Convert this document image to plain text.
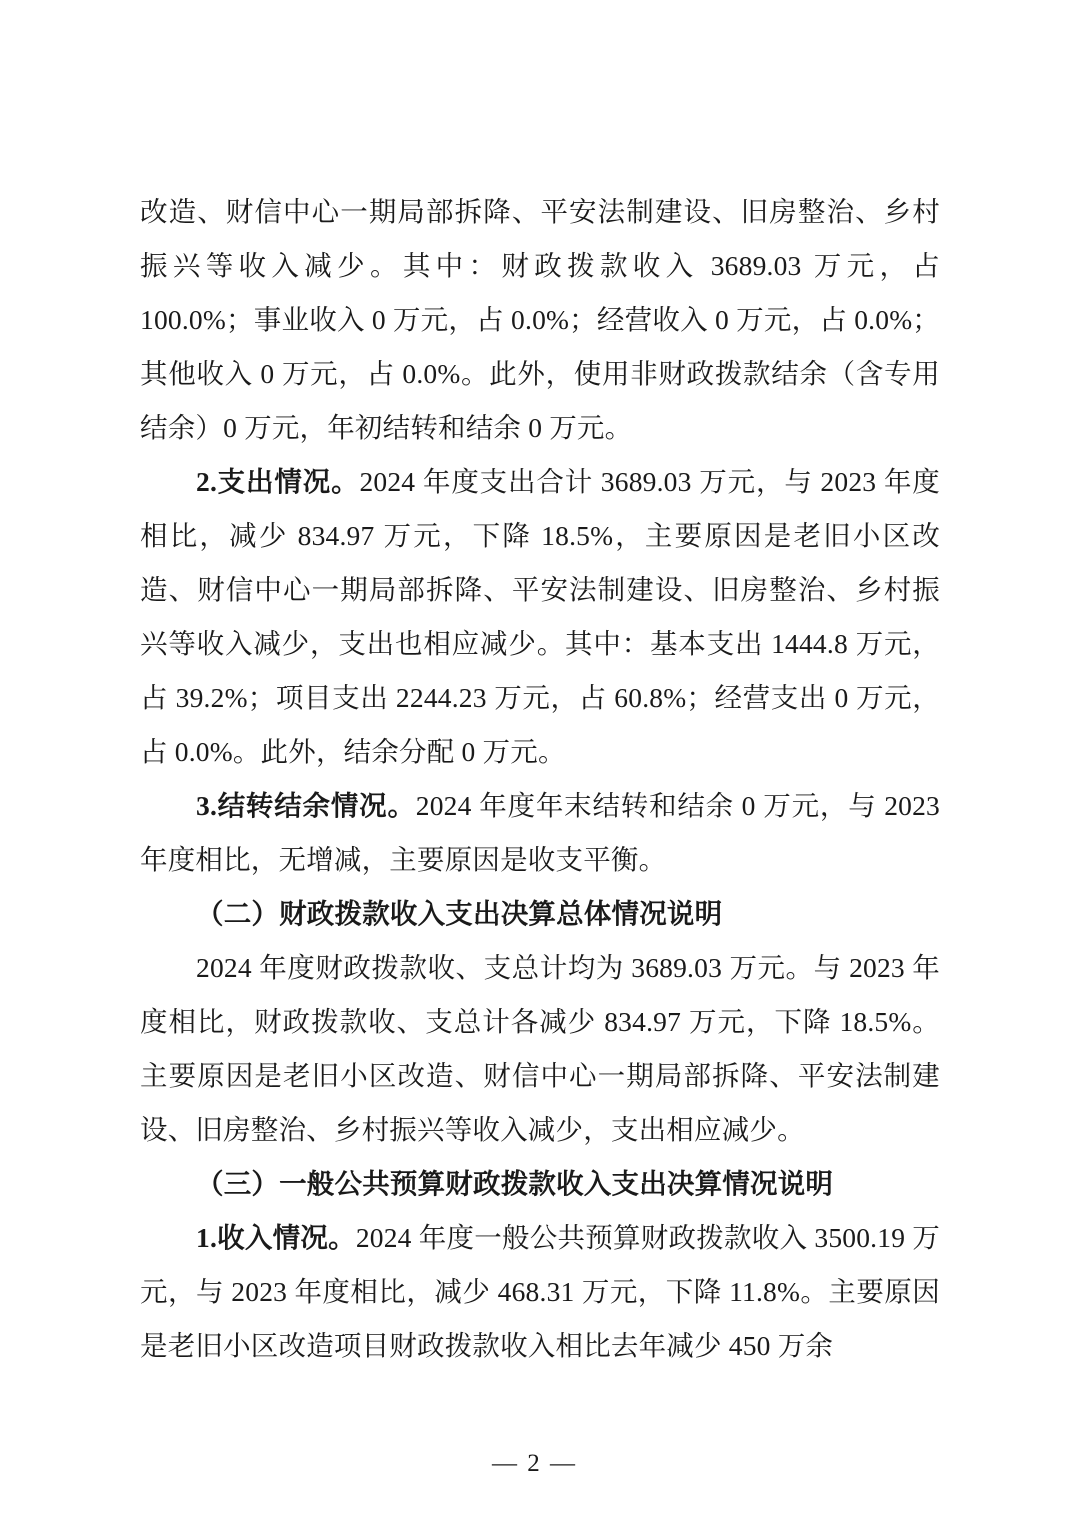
改造、财信中心一期局部拆降、平安法制建设、旧房整治、乡村振兴等收入减少。其中：财政拨款收入 3689.03 万元，占 100.0%；事业收入 0 万元，占 0.0%；经营收入 0 万元，占 0.0%；其他收入 0 万元，占 0.0%。此外，使用非财政拨款结余（含专用结余）0 万元，年初结转和结余 0 万元。

2.支出情况。2024 年度支出合计 3689.03 万元，与 2023 年度相比，减少 834.97 万元，下降 18.5%，主要原因是老旧小区改造、财信中心一期局部拆降、平安法制建设、旧房整治、乡村振兴等收入减少，支出也相应减少。其中：基本支出 1444.8 万元，占 39.2%；项目支出 2244.23 万元，占 60.8%；经营支出 0 万元，占 0.0%。此外，结余分配 0 万元。

3.结转结余情况。2024 年度年末结转和结余 0 万元，与 2023 年度相比，无增减，主要原因是收支平衡。

（二）财政拨款收入支出决算总体情况说明

2024 年度财政拨款收、支总计均为 3689.03 万元。与 2023 年度相比，财政拨款收、支总计各减少 834.97 万元，下降 18.5%。主要原因是老旧小区改造、财信中心一期局部拆降、平安法制建设、旧房整治、乡村振兴等收入减少，支出相应减少。

（三）一般公共预算财政拨款收入支出决算情况说明

1.收入情况。2024 年度一般公共预算财政拨款收入 3500.19 万元，与 2023 年度相比，减少 468.31 万元，下降 11.8%。主要原因是老旧小区改造项目财政拨款收入相比去年减少 450 万余

— 2 —
